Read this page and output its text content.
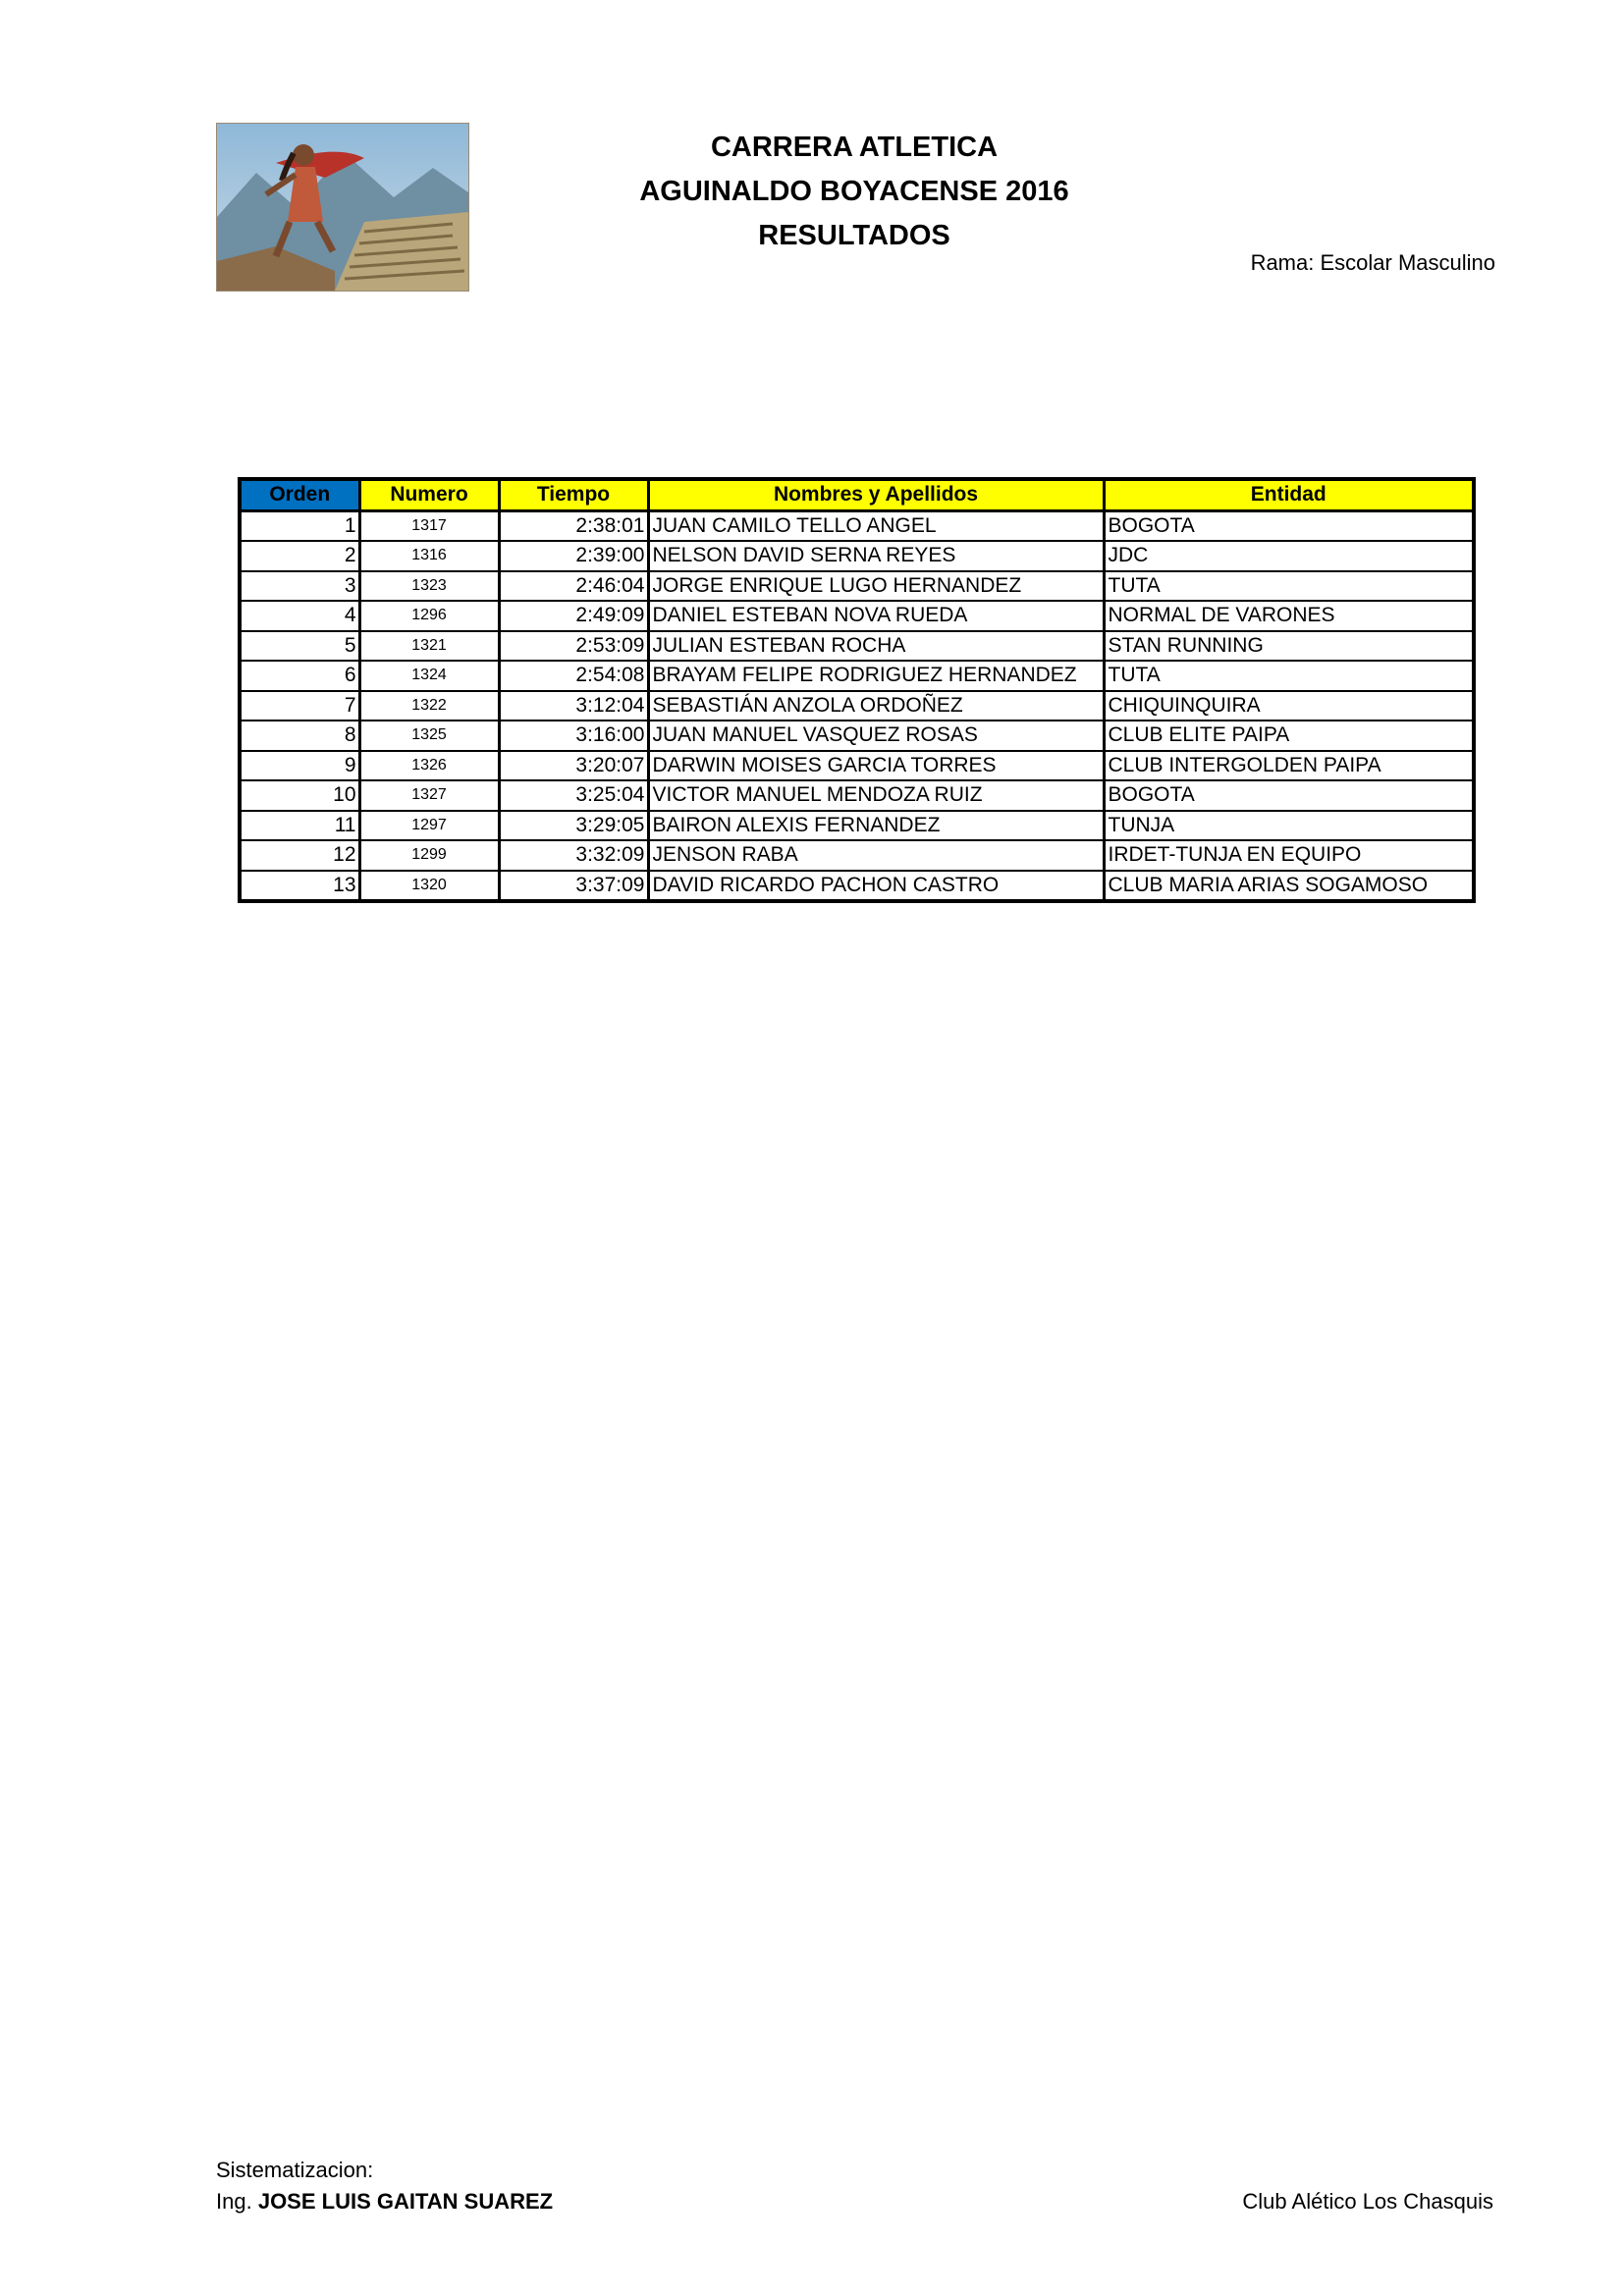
CARRERA ATLETICA
AGUINALDO BOYACENSE 2016
RESULTADOS
Rama: Escolar Masculino
Orden	Numero	Tiempo	Nombres y Apellidos	Entidad
1	1317	2:38:01	JUAN CAMILO TELLO ANGEL	BOGOTA
2	1316	2:39:00	NELSON DAVID SERNA REYES	JDC
3	1323	2:46:04	JORGE ENRIQUE LUGO HERNANDEZ	TUTA
4	1296	2:49:09	DANIEL ESTEBAN NOVA RUEDA	NORMAL DE VARONES
5	1321	2:53:09	JULIAN ESTEBAN ROCHA	STAN RUNNING
6	1324	2:54:08	BRAYAM FELIPE RODRIGUEZ HERNANDEZ	TUTA
7	1322	3:12:04	SEBASTIÁN ANZOLA ORDOÑEZ	CHIQUINQUIRA
8	1325	3:16:00	JUAN MANUEL VASQUEZ ROSAS	CLUB ELITE PAIPA
9	1326	3:20:07	DARWIN MOISES GARCIA TORRES	CLUB INTERGOLDEN PAIPA
10	1327	3:25:04	VICTOR MANUEL MENDOZA RUIZ	BOGOTA
11	1297	3:29:05	BAIRON ALEXIS FERNANDEZ	TUNJA
12	1299	3:32:09	JENSON RABA	IRDET-TUNJA EN EQUIPO
13	1320	3:37:09	DAVID RICARDO PACHON CASTRO	CLUB MARIA ARIAS SOGAMOSO
Sistematizacion:
Ing. JOSE LUIS GAITAN SUAREZ	Club Alético Los Chasquis
